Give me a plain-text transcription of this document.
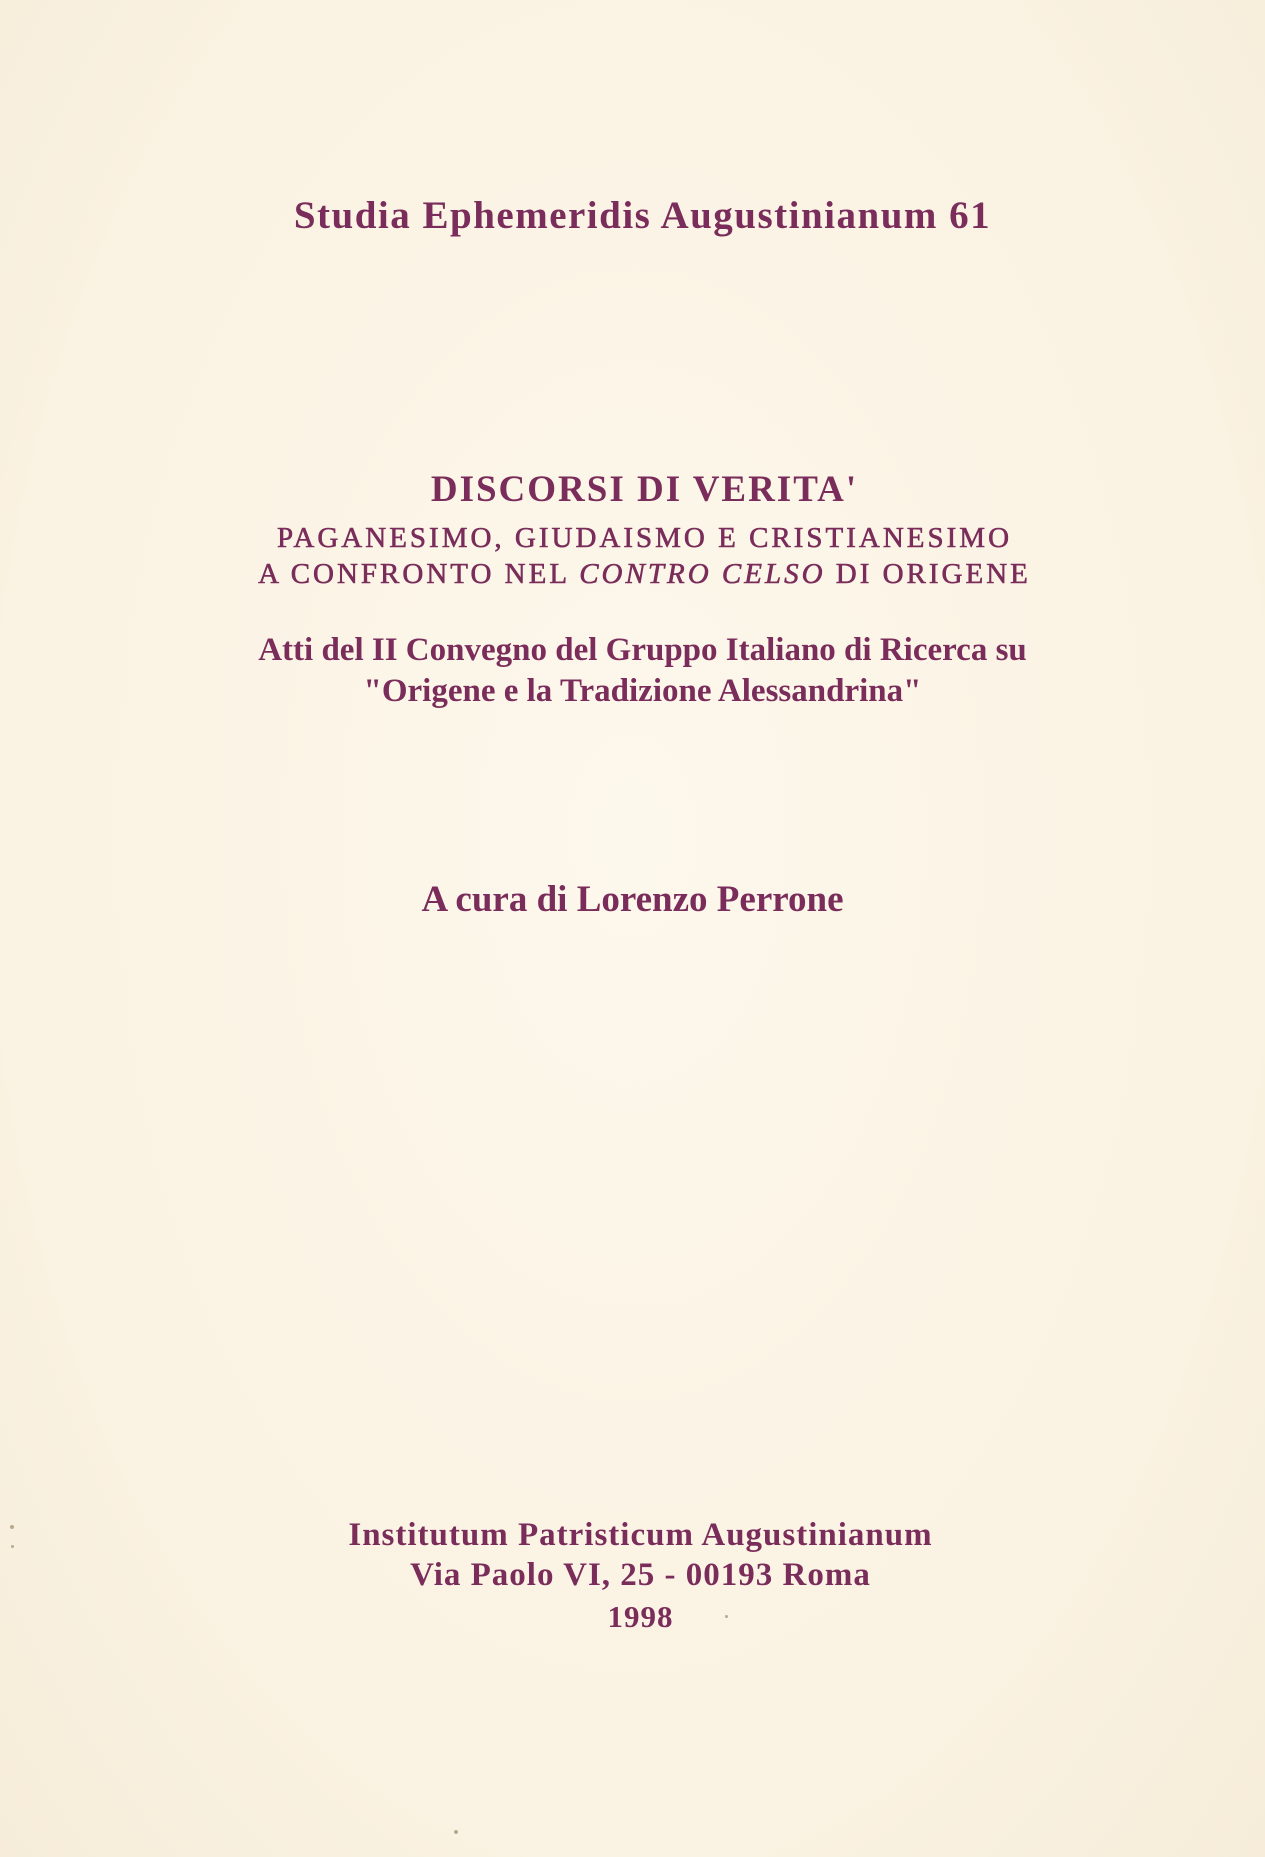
Studia Ephemeridis Augustinianum 61
DISCORSI DI VERITA'
PAGANESIMO, GIUDAISMO E CRISTIANESIMO
A CONFRONTO NEL CONTRO CELSO DI ORIGENE
Atti del II Convegno del Gruppo Italiano di Ricerca su
"Origene e la Tradizione Alessandrina"
A cura di Lorenzo Perrone
Institutum Patristicum Augustinianum
Via Paolo VI, 25 - 00193 Roma
1998
